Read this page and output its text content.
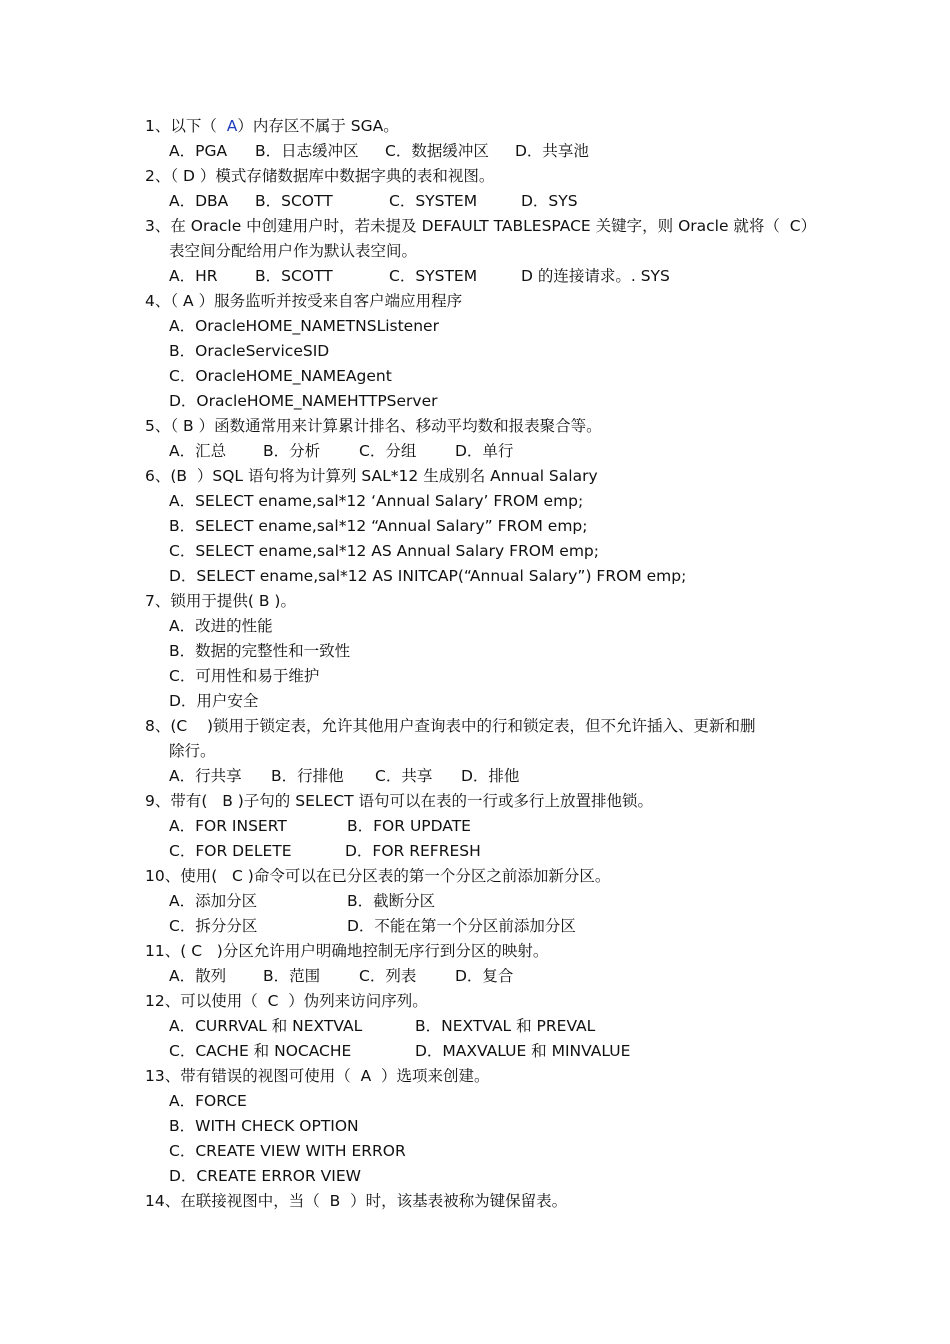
1、以下（  A）内存区不属于 SGA。
A．PGA B．日志缓冲区 C．数据缓冲区 D．共享池
2、（ D ）模式存储数据库中数据字典的表和视图。
A．DBA B．SCOTT	C．SYSTEM	D．SYS
3、在 Oracle 中创建用户时，若未提及 DEFAULT TABLESPACE 关键字，则 Oracle 就将（  C）
表空间分配给用户作为默认表空间。
A．HR B．SCOTT	C．SYSTEM	D 的连接请求。. SYS
4、（ A ）服务监听并按受来自客户端应用程序
A．OracleHOME_NAMETNSListener
B．OracleServiceSID
C．OracleHOME_NAMEAgent
D．OracleHOME_NAMEHTTPServer
5、（ B ）函数通常用来计算累计排名、移动平均数和报表聚合等。
A．汇总 B．分析	C．分组 D．单行
6、(B  ）SQL 语句将为计算列 SAL*12 生成别名 Annual Salary
A．SELECT ename,sal*12 ‘Annual Salary’ FROM emp;
B．SELECT ename,sal*12 “Annual Salary” FROM emp;
C．SELECT ename,sal*12 AS Annual Salary FROM emp;
D．SELECT ename,sal*12 AS INITCAP(“Annual Salary”) FROM emp;
7、锁用于提供( B )。
A．改进的性能
B．数据的完整性和一致性
C．可用性和易于维护
D．用户安全
8、(C    )锁用于锁定表，允许其他用户查询表中的行和锁定表，但不允许插入、更新和删
除行。
A．行共享 B．行排他 C．共享 D．排他
9、带有(   B )子句的 SELECT 语句可以在表的一行或多行上放置排他锁。
A．FOR INSERT	B．FOR UPDATE
C．FOR DELETE	D．FOR REFRESH
10、使用(   C )命令可以在已分区表的第一个分区之前添加新分区。
A．添加分区	B．截断分区
C．拆分分区	D．不能在第一个分区前添加分区
11、( C   )分区允许用户明确地控制无序行到分区的映射。
A．散列 B．范围	C．列表 D．复合
12、可以使用（  C  ）伪列来访问序列。
A．CURRVAL 和 NEXTVAL	B．NEXTVAL 和 PREVAL
C．CACHE 和 NOCACHE	D．MAXVALUE 和 MINVALUE
13、带有错误的视图可使用（  A  ）选项来创建。
A．FORCE
B．WITH CHECK OPTION
C．CREATE VIEW WITH ERROR
D．CREATE ERROR VIEW
14、在联接视图中，当（  B  ）时，该基表被称为键保留表。
